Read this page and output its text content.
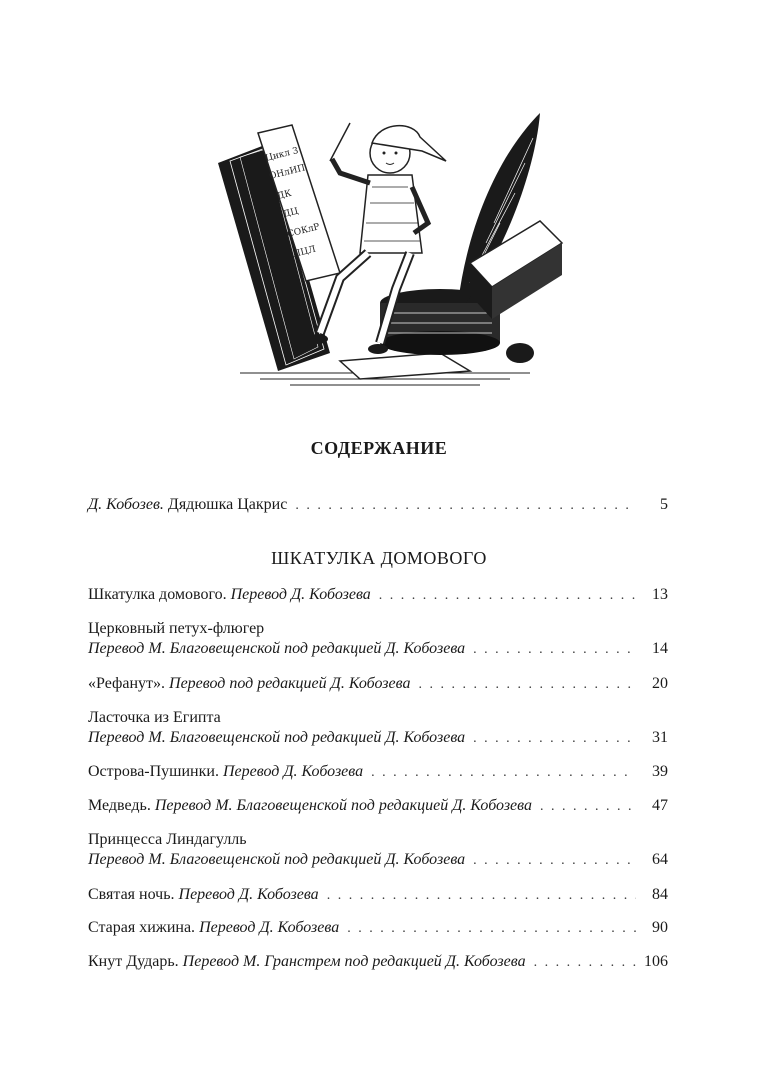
Цикл 3
ОНлИП
ДК
ДЦ
СОКлР
ЛЦЛ
СОДЕРЖАНИЕ
Д. Кобозев. Дядюшка Цакрис . . .	5
ШКАТУЛКА ДОМОВОГО
Шкатулка домового. Перевод Д. Кобозева . . .	13
Церковный петух-флюгер
Перевод М. Благовещенской под редакцией Д. Кобозева . . .	14
«Рефанут». Перевод под редакцией Д. Кобозева . . .	20
Ласточка из Египта
Перевод М. Благовещенской под редакцией Д. Кобозева . . .	31
Острова-Пушинки. Перевод Д. Кобозева . . .	39
Медведь. Перевод М. Благовещенской под редакцией Д. Кобозева . . .	47
Принцесса Линдагулль
Перевод М. Благовещенской под редакцией Д. Кобозева . . .	64
Святая ночь. Перевод Д. Кобозева . . .	84
Старая хижина. Перевод Д. Кобозева . . .	90
Кнут Дударь. Перевод М. Гранстрем под редакцией Д. Кобозева . . .	106
